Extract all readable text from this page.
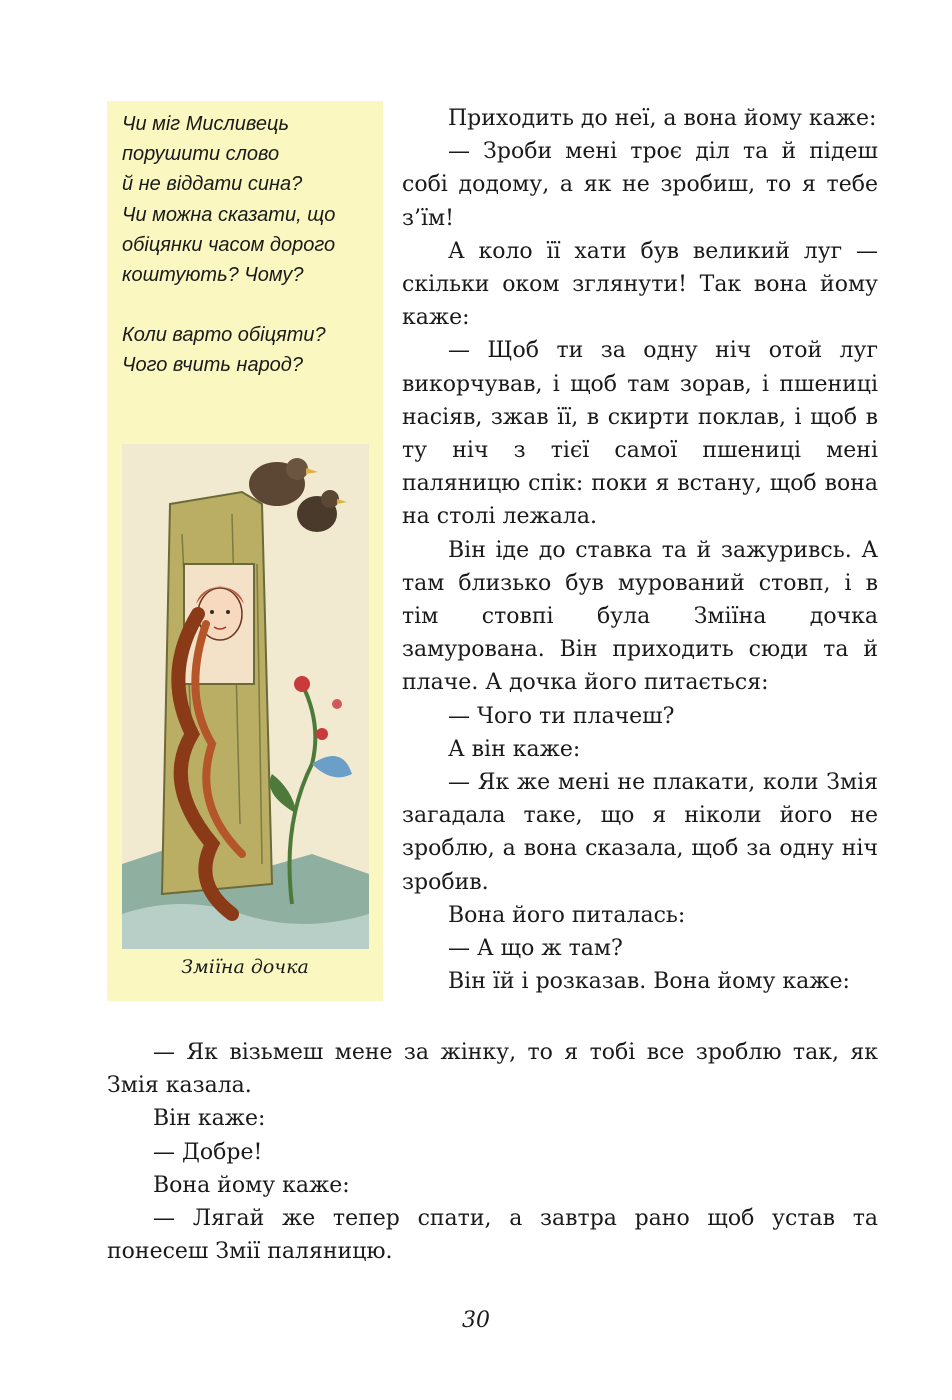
Чи міг Мисливець
порушити слово
й не віддати сина?
Чи можна сказати, що
обіцянки часом дорого
коштують? Чому?
Коли варто обіцяти?
Чого вчить народ?
Зміїна дочка

Приходить до неї, а вона йому каже:

— Зроби мені троє діл та й підеш собі додому, а як не зробиш, то я тебе з’їм!

А коло її хати був великий луг — скільки оком зглянути! Так вона йому каже:

— Щоб ти за одну ніч отой луг викорчував, і щоб там зорав, і пшениці насіяв, зжав її, в скирти поклав, і щоб в ту ніч з тієї самої пшениці мені паляницю спік: поки я встану, щоб вона на столі лежала.

Він іде до ставка та й зажуривсь. А там близько був мурований стовп, і в тім стовпі була Зміїна дочка замурована. Він приходить сюди та й плаче. А дочка його питається:

— Чого ти плачеш?

А він каже:

— Як же мені не плакати, коли Змія загадала таке, що я ніколи його не зроблю, а вона сказала, щоб за одну ніч зробив.

Вона його питалась:

— А що ж там?

Він їй і розказав. Вона йому каже:

— Як візьмеш мене за жінку, то я тобі все зроблю так, як Змія казала.

Він каже:

— Добре!

Вона йому каже:

— Лягай же тепер спати, а завтра рано щоб устав та понесеш Змії паляницю.

30
